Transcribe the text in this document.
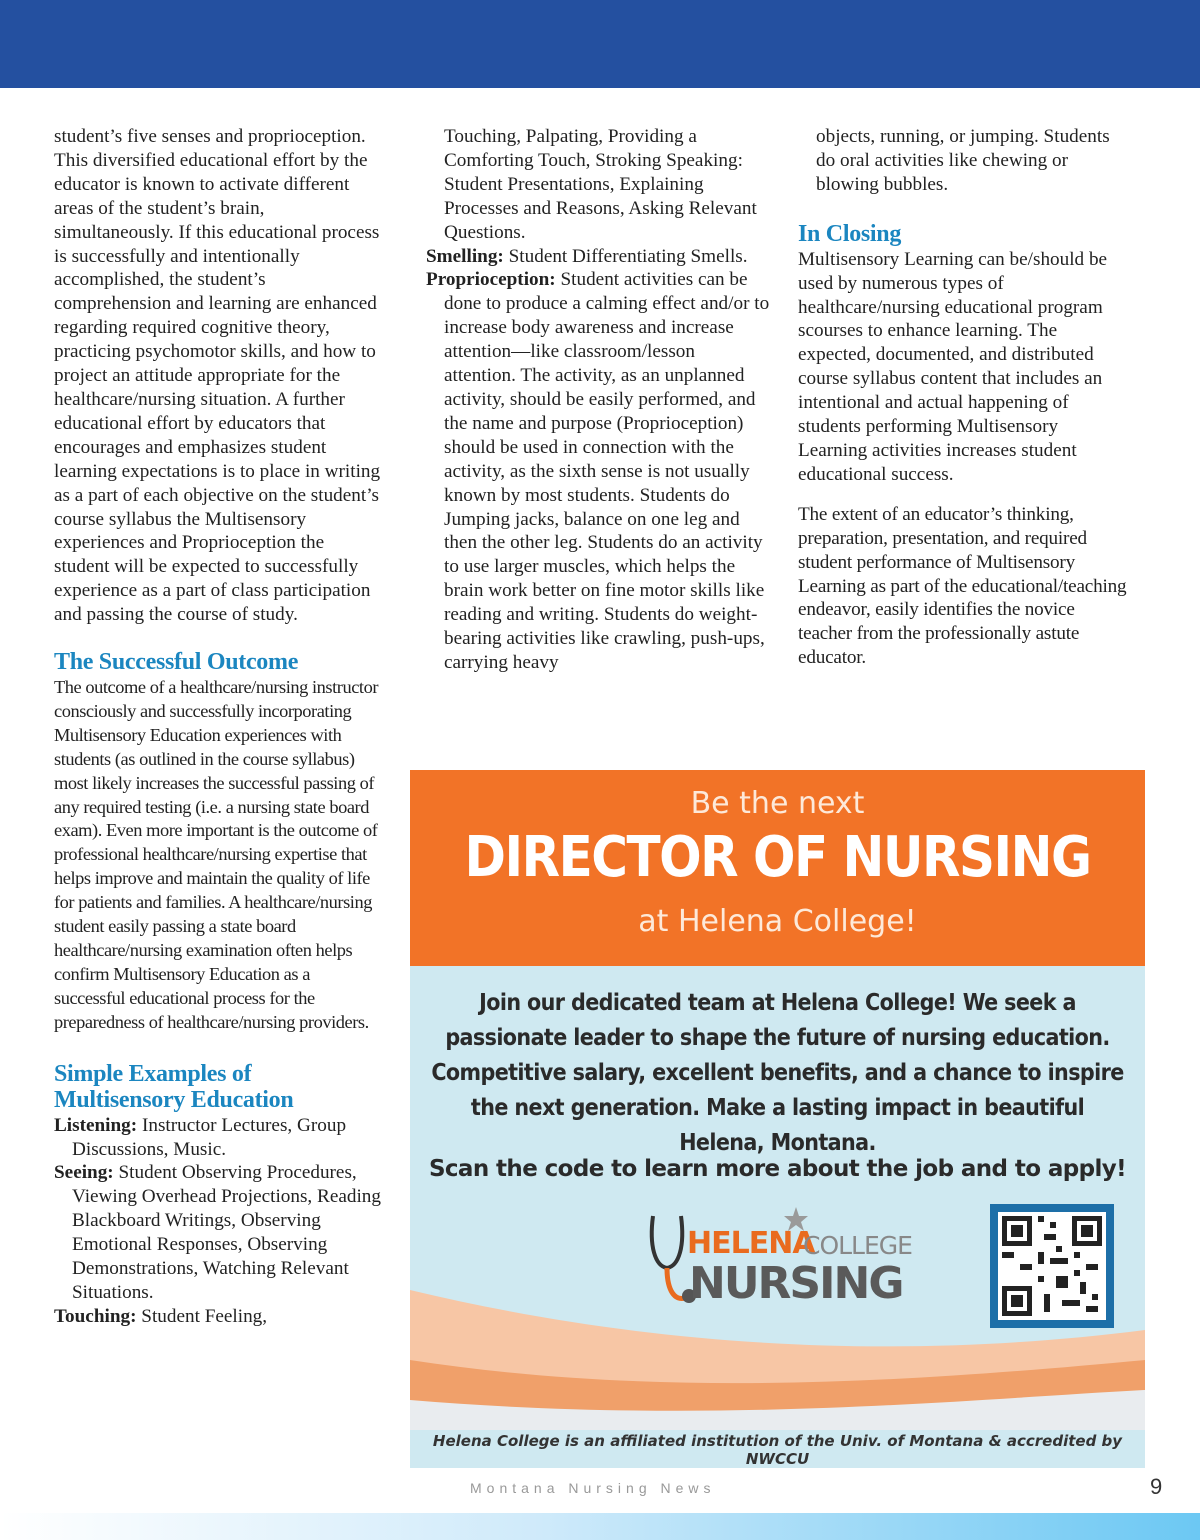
student’s five senses and proprioception. This diversified educational effort by the educator is known to activate different areas of the student’s brain, simultaneously. If this educational process is successfully and intentionally accomplished, the student’s comprehension and learning are enhanced regarding required cognitive theory, practicing psychomotor skills, and how to project an attitude appropriate for the healthcare/nursing situation. A further educational effort by educators that encourages and emphasizes student learning expectations is to place in writing as a part of each objective on the student’s course syllabus the Multisensory experiences and Proprioception the student will be expected to successfully experience as a part of class participation and passing the course of study.

The Successful Outcome

The outcome of a healthcare/nursing instructor consciously and successfully incorporating Multisensory Education experiences with students (as outlined in the course syllabus) most likely increases the successful passing of any required testing (i.e. a nursing state board exam). Even more important is the outcome of professional healthcare/nursing expertise that helps improve and maintain the quality of life for patients and families. A healthcare/nursing student easily passing a state board healthcare/nursing examination often helps confirm Multisensory Education as a successful educational process for the preparedness of healthcare/nursing providers.

Simple Examples of Multisensory Education

Listening: Instructor Lectures, Group Discussions, Music.

Seeing: Student Observing Procedures, Viewing Overhead Projections, Reading Blackboard Writings, Observing Emotional Responses, Observing Demonstrations, Watching Relevant Situations.

Touching: Student Feeling,

Touching, Palpating, Providing a Comforting Touch, Stroking Speaking: Student Presentations, Explaining Processes and Reasons, Asking Relevant Questions.

Smelling: Student Differentiating Smells.

Proprioception: Student activities can be done to produce a calming effect and/or to increase body awareness and increase attention—like classroom/lesson attention. The activity, as an unplanned activity, should be easily performed, and the name and purpose (Proprioception) should be used in connection with the activity, as the sixth sense is not usually known by most students. Students do Jumping jacks, balance on one leg and then the other leg. Students do an activity to use larger muscles, which helps the brain work better on fine motor skills like reading and writing. Students do weight-bearing activities like crawling, push-ups, carrying heavy

objects, running, or jumping. Students do oral activities like chewing or blowing bubbles.

In Closing

Multisensory Learning can be/should be used by numerous types of healthcare/nursing educational program scourses to enhance learning. The expected, documented, and distributed course syllabus content that includes an intentional and actual happening of students performing Multisensory Learning activities increases student educational success.

The extent of an educator’s thinking, preparation, presentation, and required student performance of Multisensory Learning as part of the educational/teaching endeavor, easily identifies the novice teacher from the professionally astute educator.

Be the next
DIRECTOR OF NURSING
at Helena College!
Join our dedicated team at Helena College! We seek a passionate leader to shape the future of nursing education. Competitive salary, excellent benefits, and a chance to inspire the next generation. Make a lasting impact in beautiful Helena, Montana.
Scan the code to learn more about the job and to apply!
HELENA
COLLEGE
NURSING
Helena College is an affiliated institution of the Univ. of Montana & accredited by NWCCU
Montana Nursing News	9
